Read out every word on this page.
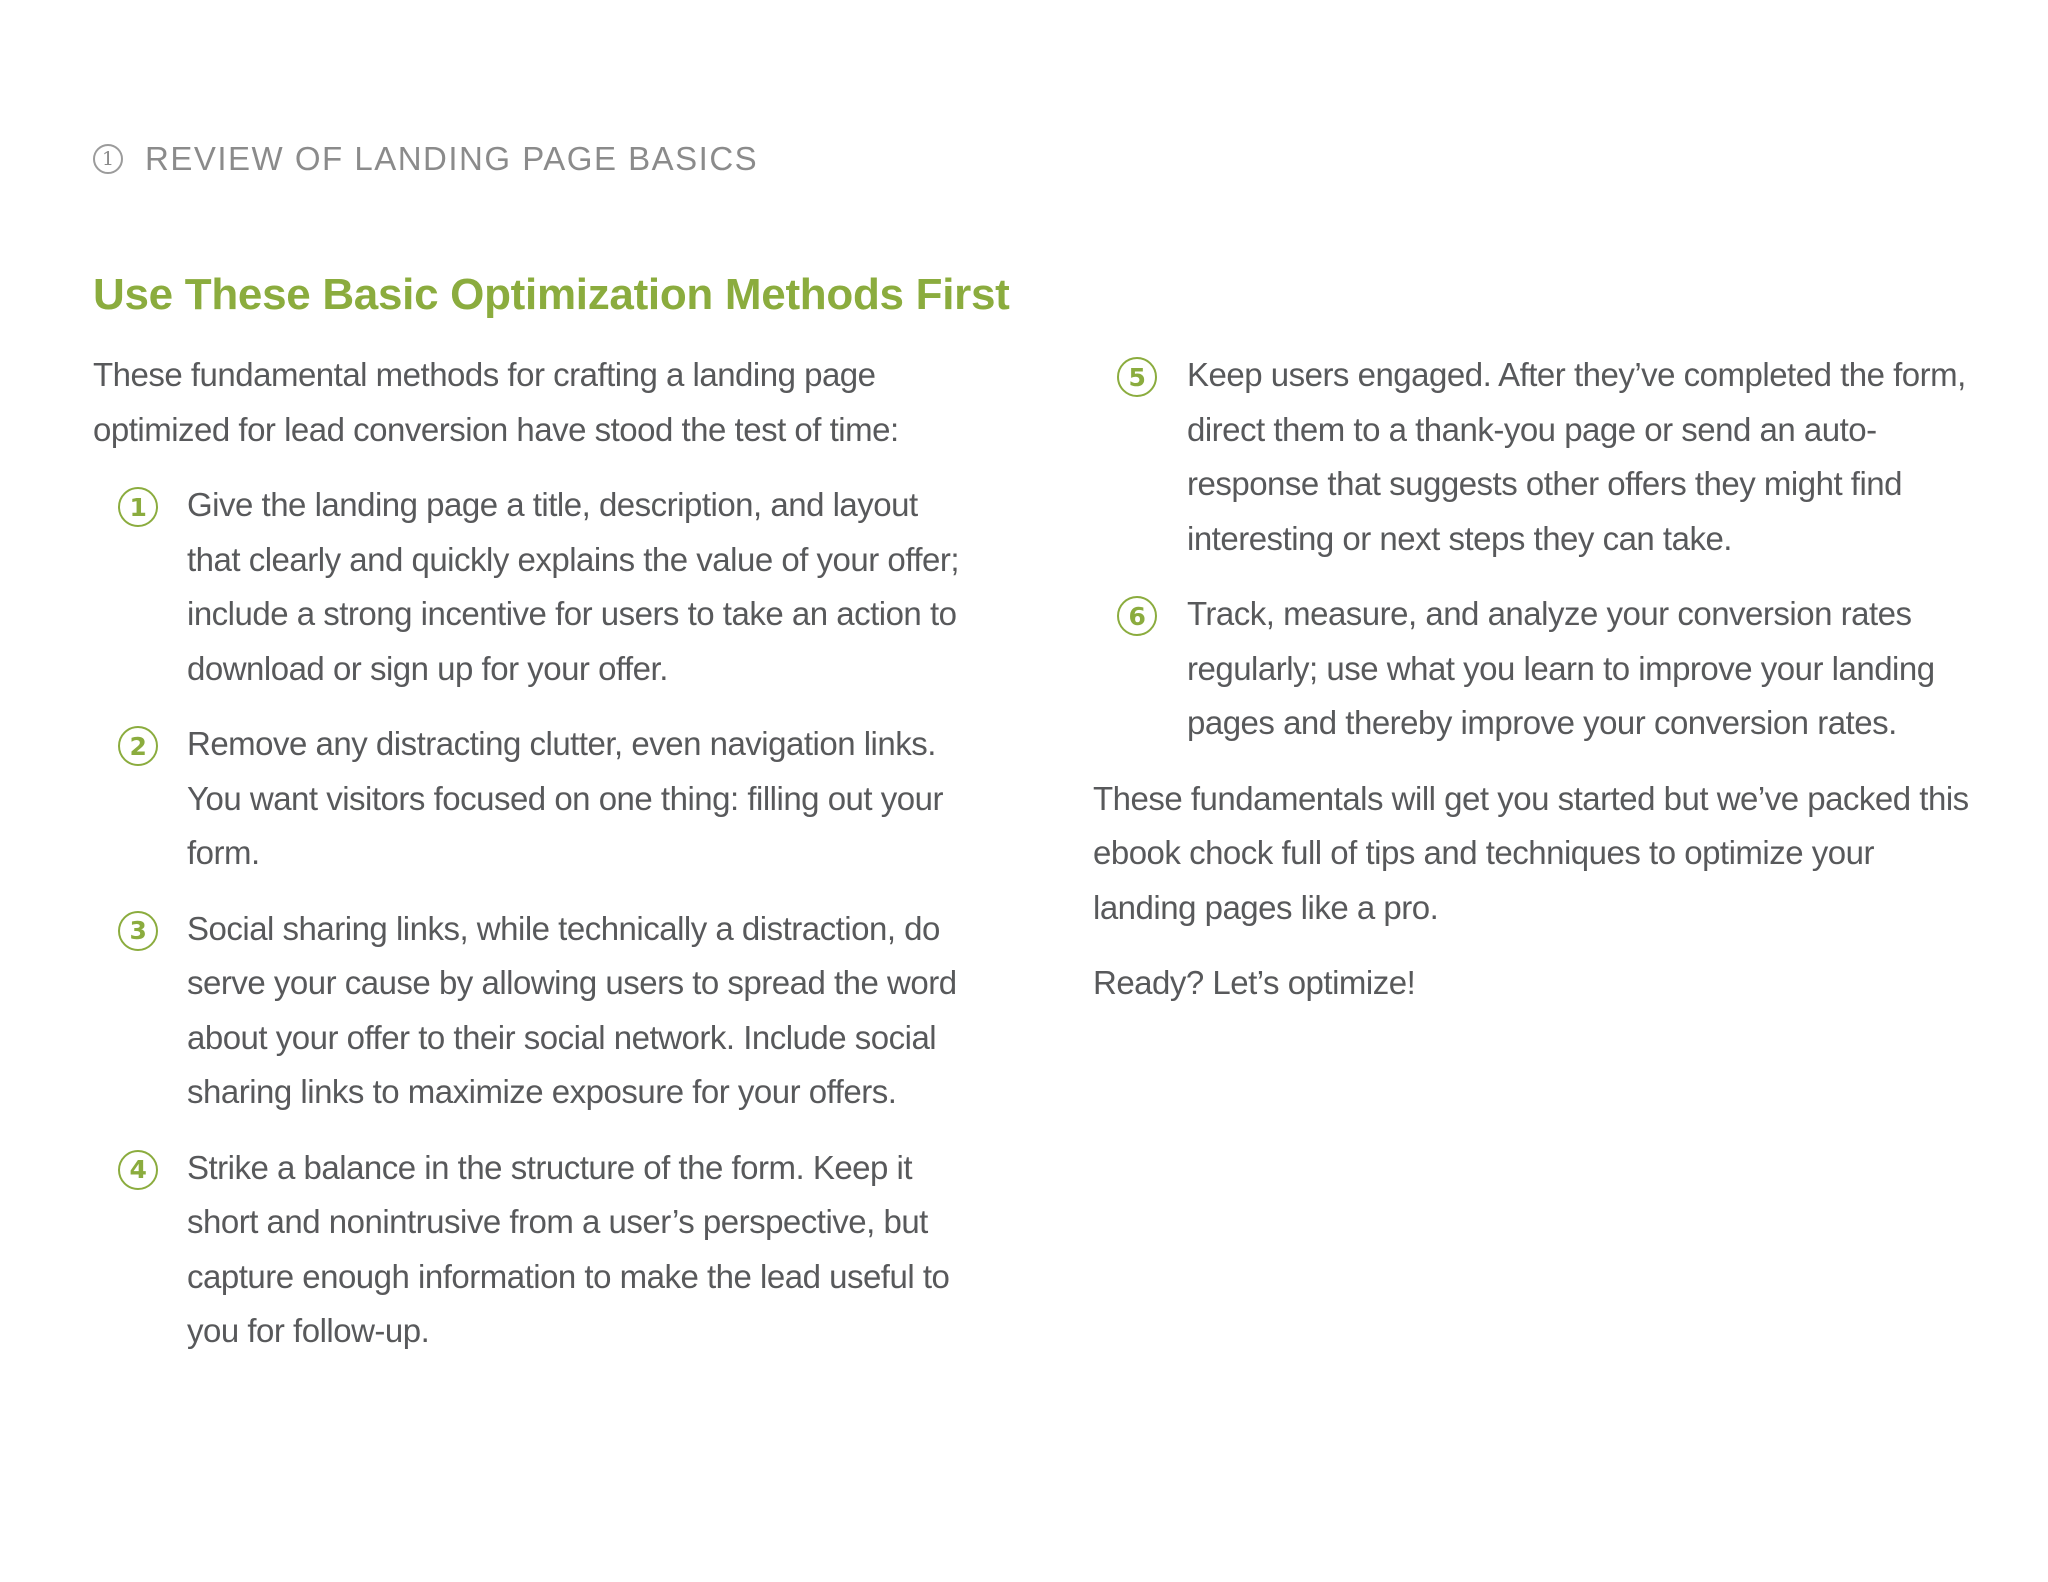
1 REVIEW OF LANDING PAGE BASICS
Use These Basic Optimization Methods First

These fundamental methods for crafting a landing page optimized for lead conversion have stood the test of time:

1	Give the landing page a title, description, and layout that clearly and quickly explains the value of your offer; include a strong incentive for users to take an action to download or sign up for your offer.
2	Remove any distracting clutter, even navigation links. You want visitors focused on one thing: filling out your form.
3	Social sharing links, while technically a distraction, do serve your cause by allowing users to spread the word about your offer to their social network. Include social sharing links to maximize exposure for your offers.
4	Strike a balance in the structure of the form. Keep it short and nonintrusive from a user’s perspective, but capture enough information to make the lead useful to you for follow-up.
5	Keep users engaged. After they’ve completed the form, direct them to a thank-you page or send an auto-response that suggests other offers they might find interesting or next steps they can take.
6	Track, measure, and analyze your conversion rates regularly; use what you learn to improve your landing pages and thereby improve your conversion rates.

These fundamentals will get you started but we’ve packed this ebook chock full of tips and techniques to optimize your landing pages like a pro.

Ready? Let’s optimize!
